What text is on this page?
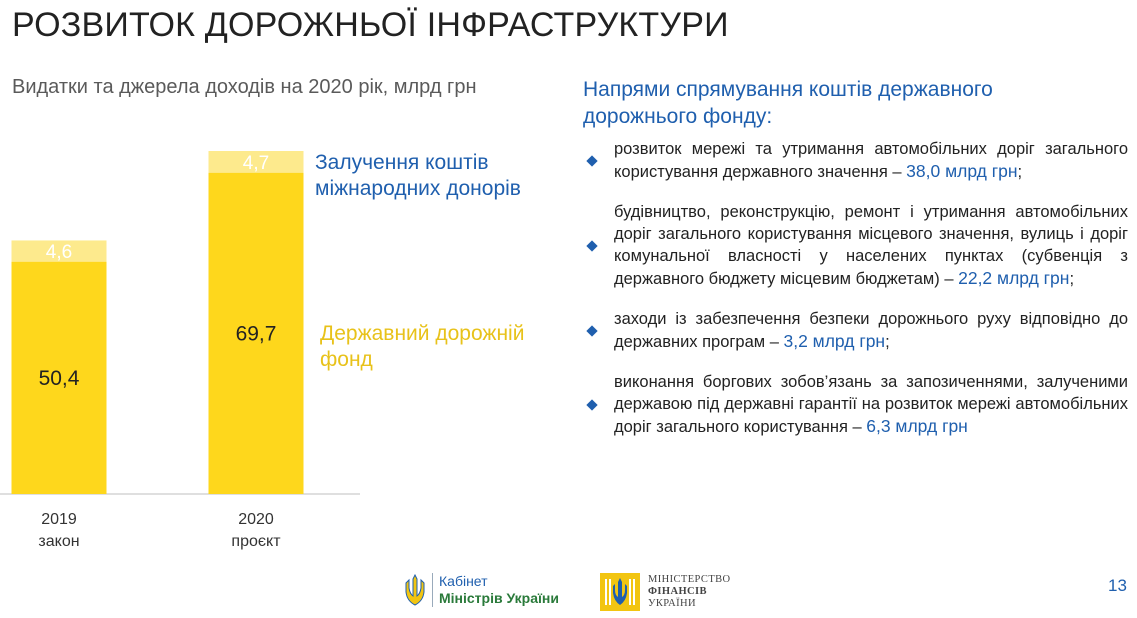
РОЗВИТОК ДОРОЖНЬОЇ ІНФРАСТРУКТУРИ
Видатки та джерела доходів на 2020 рік, млрд грн
50,4
4,6
2019
закон
69,7
4,7
2020
проєкт
Залучення коштів
міжнародних донорів
Державний дорожній
фонд
Напрями спрямування коштів державного
дорожнього фонду:
розвиток мережі та утримання автомобільних доріг загального користування державного значення – 38,0 млрд грн;
будівництво, реконструкцію, ремонт і утримання автомобільних доріг загального користування місцевого значення, вулиць і доріг комунальної власності у населених пунктах (субвенція з державного бюджету місцевим бюджетам) – 22,2 млрд грн;
заходи із забезпечення безпеки дорожнього руху відповідно до державних програм – 3,2 млрд грн;
виконання боргових зобов’язань за запозиченнями, залученими державою під державні гарантії на розвиток мережі автомобільних доріг загального користування – 6,3 млрд грн
Кабінет
Міністрів України
МІНІСТЕРСТВО
ФІНАНСІВ
УКРАЇНИ
13
